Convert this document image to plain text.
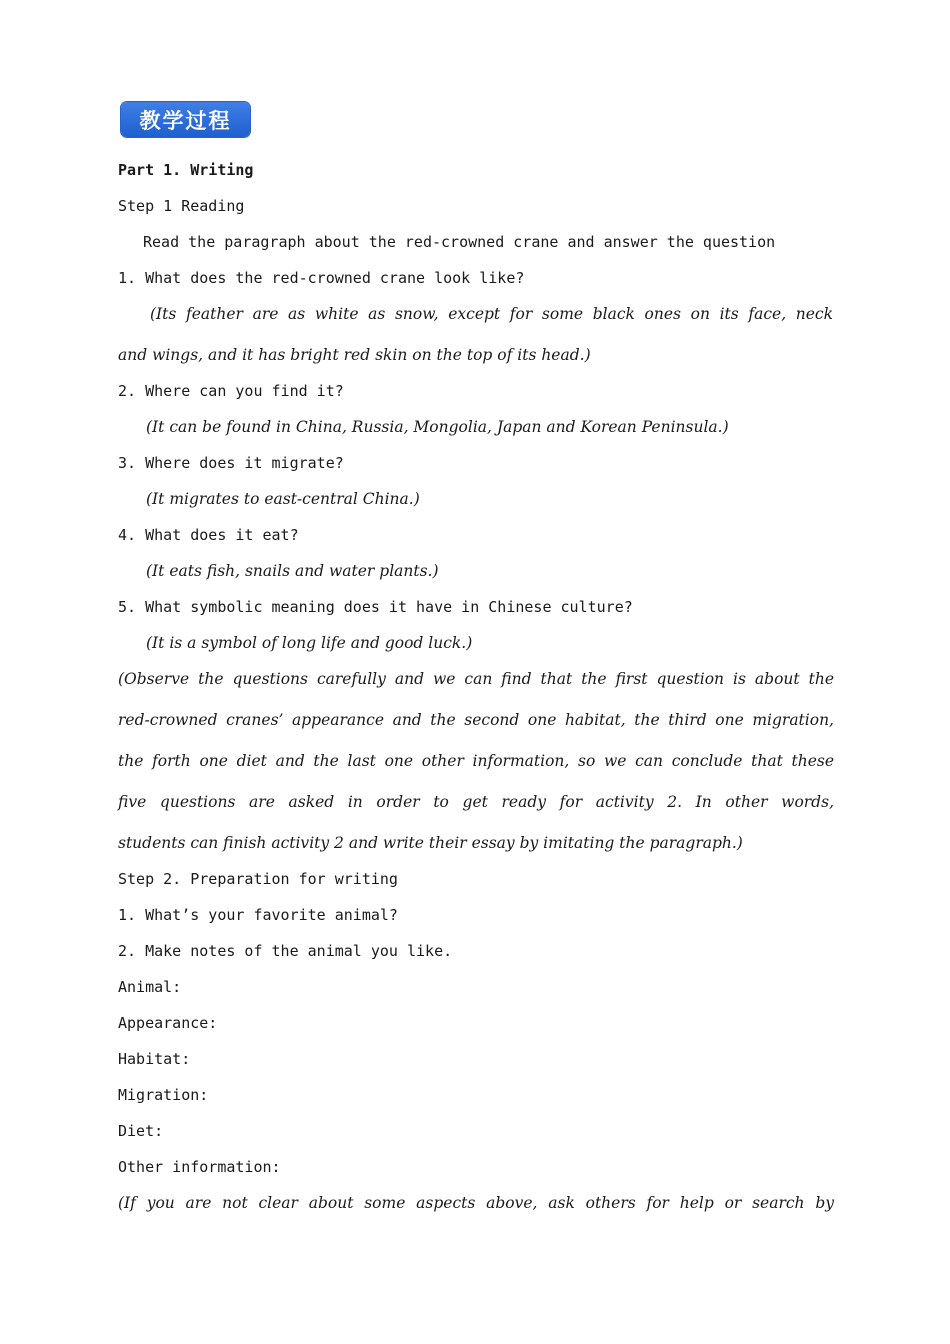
教学过程
Part 1. Writing
Step 1 Reading
Read the paragraph about the red-crowned crane and answer the question
1. What does the red-crowned crane look like?
(Its feather are as white as snow, except for some black ones on its face, neck
and wings, and it has bright red skin on the top of its head.)
2. Where can you find it?
(It can be found in China, Russia, Mongolia, Japan and Korean Peninsula.)
3. Where does it migrate?
(It migrates to east-central China.)
4. What does it eat?
(It eats fish, snails and water plants.)
5. What symbolic meaning does it have in Chinese culture?
(It is a symbol of long life and good luck.)
(Observe the questions carefully and we can find that the first question is about the
red-crowned cranes’ appearance and the second one habitat, the third one migration,
the forth one diet and the last one other information, so we can conclude that these
five questions are asked in order to get ready for activity 2. In other words,
students can finish activity 2 and write their essay by imitating the paragraph.)
Step 2. Preparation for writing
1. What’s your favorite animal?
2. Make notes of the animal you like.
Animal:
Appearance:
Habitat:
Migration:
Diet:
Other information:
(If you are not clear about some aspects above, ask others for help or search by
